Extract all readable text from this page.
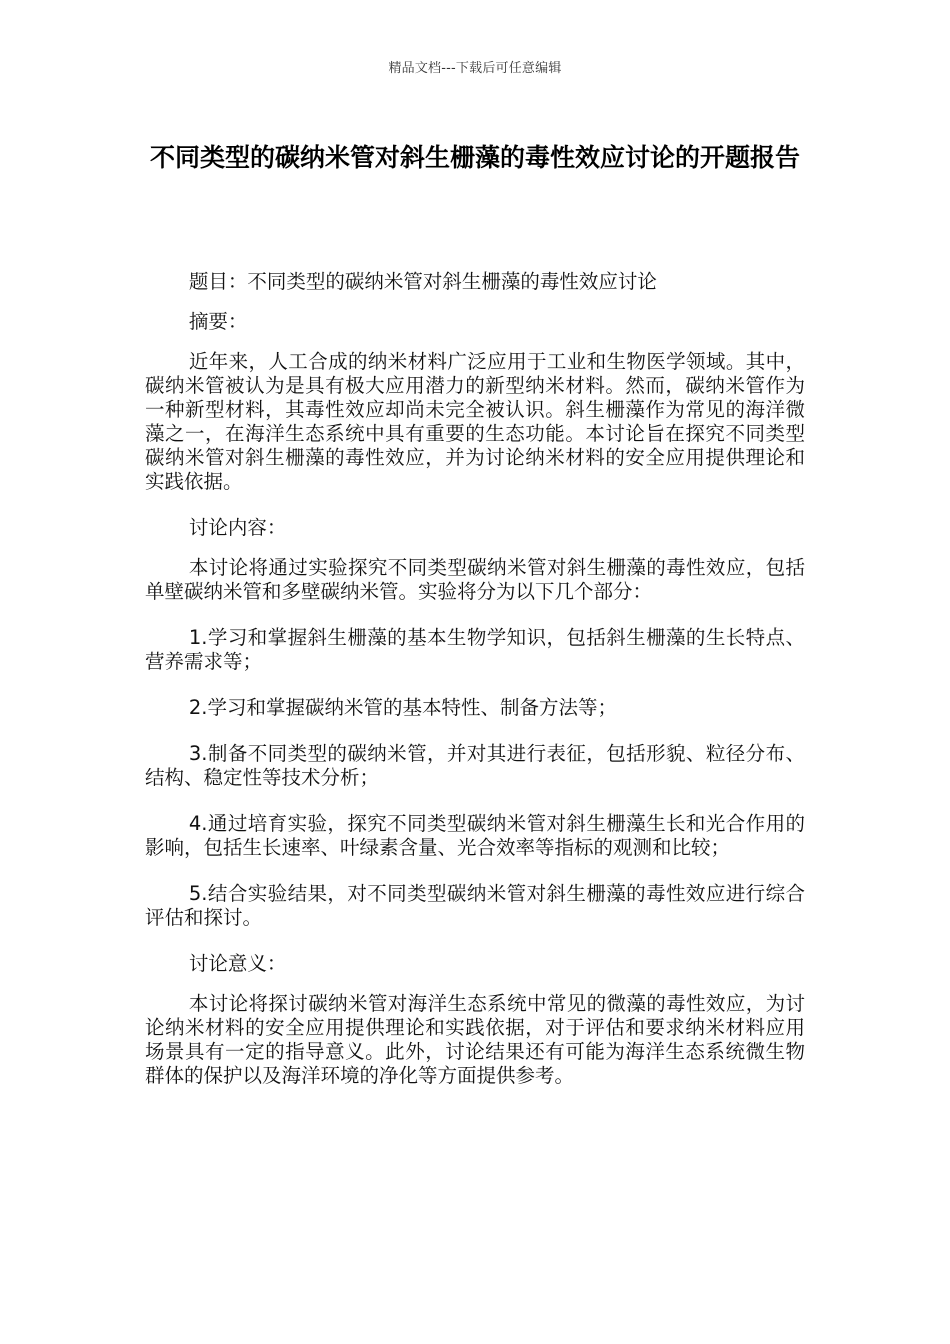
精品文档---下载后可任意编辑
不同类型的碳纳米管对斜生栅藻的毒性效应讨论的开题报告

题目：不同类型的碳纳米管对斜生栅藻的毒性效应讨论

摘要：

近年来，人工合成的纳米材料广泛应用于工业和生物医学领域。其中，碳纳米管被认为是具有极大应用潜力的新型纳米材料。然而，碳纳米管作为一种新型材料，其毒性效应却尚未完全被认识。斜生栅藻作为常见的海洋微藻之一，在海洋生态系统中具有重要的生态功能。本讨论旨在探究不同类型碳纳米管对斜生栅藻的毒性效应，并为讨论纳米材料的安全应用提供理论和实践依据。

讨论内容：

本讨论将通过实验探究不同类型碳纳米管对斜生栅藻的毒性效应，包括单壁碳纳米管和多壁碳纳米管。实验将分为以下几个部分：

1.学习和掌握斜生栅藻的基本生物学知识，包括斜生栅藻的生长特点、营养需求等；

2.学习和掌握碳纳米管的基本特性、制备方法等；

3.制备不同类型的碳纳米管，并对其进行表征，包括形貌、粒径分布、结构、稳定性等技术分析；

4.通过培育实验，探究不同类型碳纳米管对斜生栅藻生长和光合作用的影响，包括生长速率、叶绿素含量、光合效率等指标的观测和比较；

5.结合实验结果，对不同类型碳纳米管对斜生栅藻的毒性效应进行综合评估和探讨。

讨论意义：

本讨论将探讨碳纳米管对海洋生态系统中常见的微藻的毒性效应，为讨论纳米材料的安全应用提供理论和实践依据，对于评估和要求纳米材料应用场景具有一定的指导意义。此外，讨论结果还有可能为海洋生态系统微生物群体的保护以及海洋环境的净化等方面提供参考。
